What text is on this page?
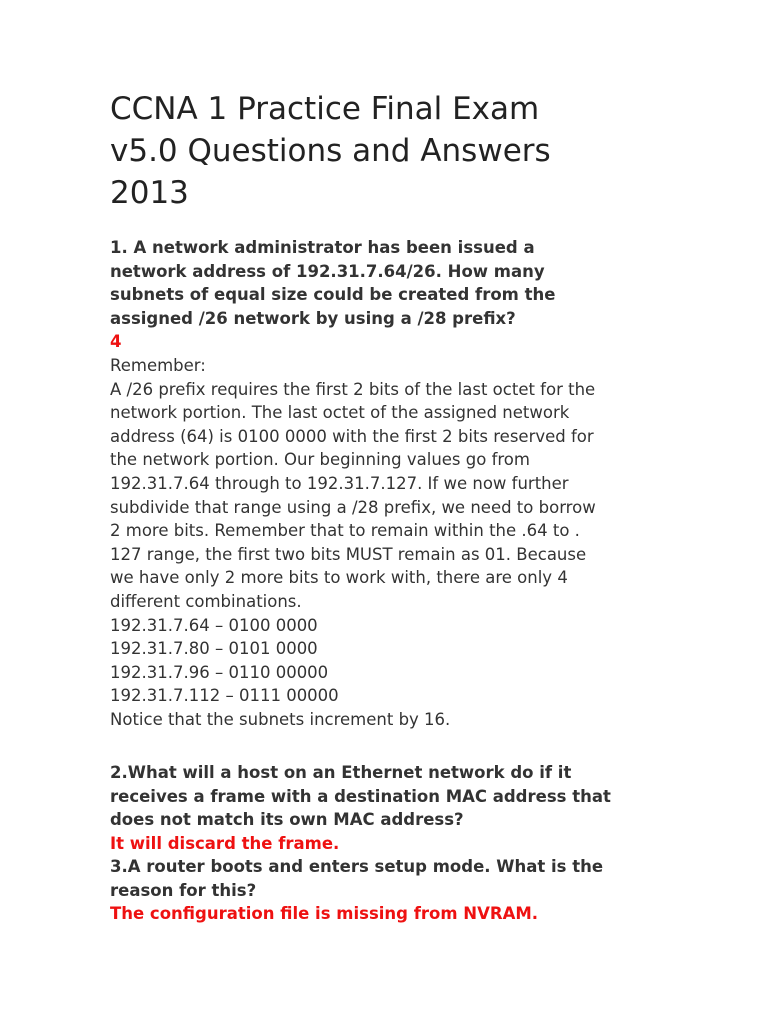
CCNA 1 Practice Final Exam
v5.0 Questions and Answers
2013
1. A network administrator has been issued a
network address of 192.31.7.64/26. How many
subnets of equal size could be created from the
assigned /26 network by using a /28 prefix?
4
Remember:
A /26 prefix requires the first 2 bits of the last octet for the
network portion. The last octet of the assigned network
address (64) is 0100 0000 with the first 2 bits reserved for
the network portion. Our beginning values go from
192.31.7.64 through to 192.31.7.127. If we now further
subdivide that range using a /28 prefix, we need to borrow
2 more bits. Remember that to remain within the .64 to .
127 range, the first two bits MUST remain as 01. Because
we have only 2 more bits to work with, there are only 4
different combinations.
192.31.7.64 – 0100 0000
192.31.7.80 – 0101 0000
192.31.7.96 – 0110 00000
192.31.7.112 – 0111 00000
Notice that the subnets increment by 16.
2.What will a host on an Ethernet network do if it
receives a frame with a destination MAC address that
does not match its own MAC address?
It will discard the frame.
3.A router boots and enters setup mode. What is the
reason for this?
The configuration file is missing from NVRAM.
